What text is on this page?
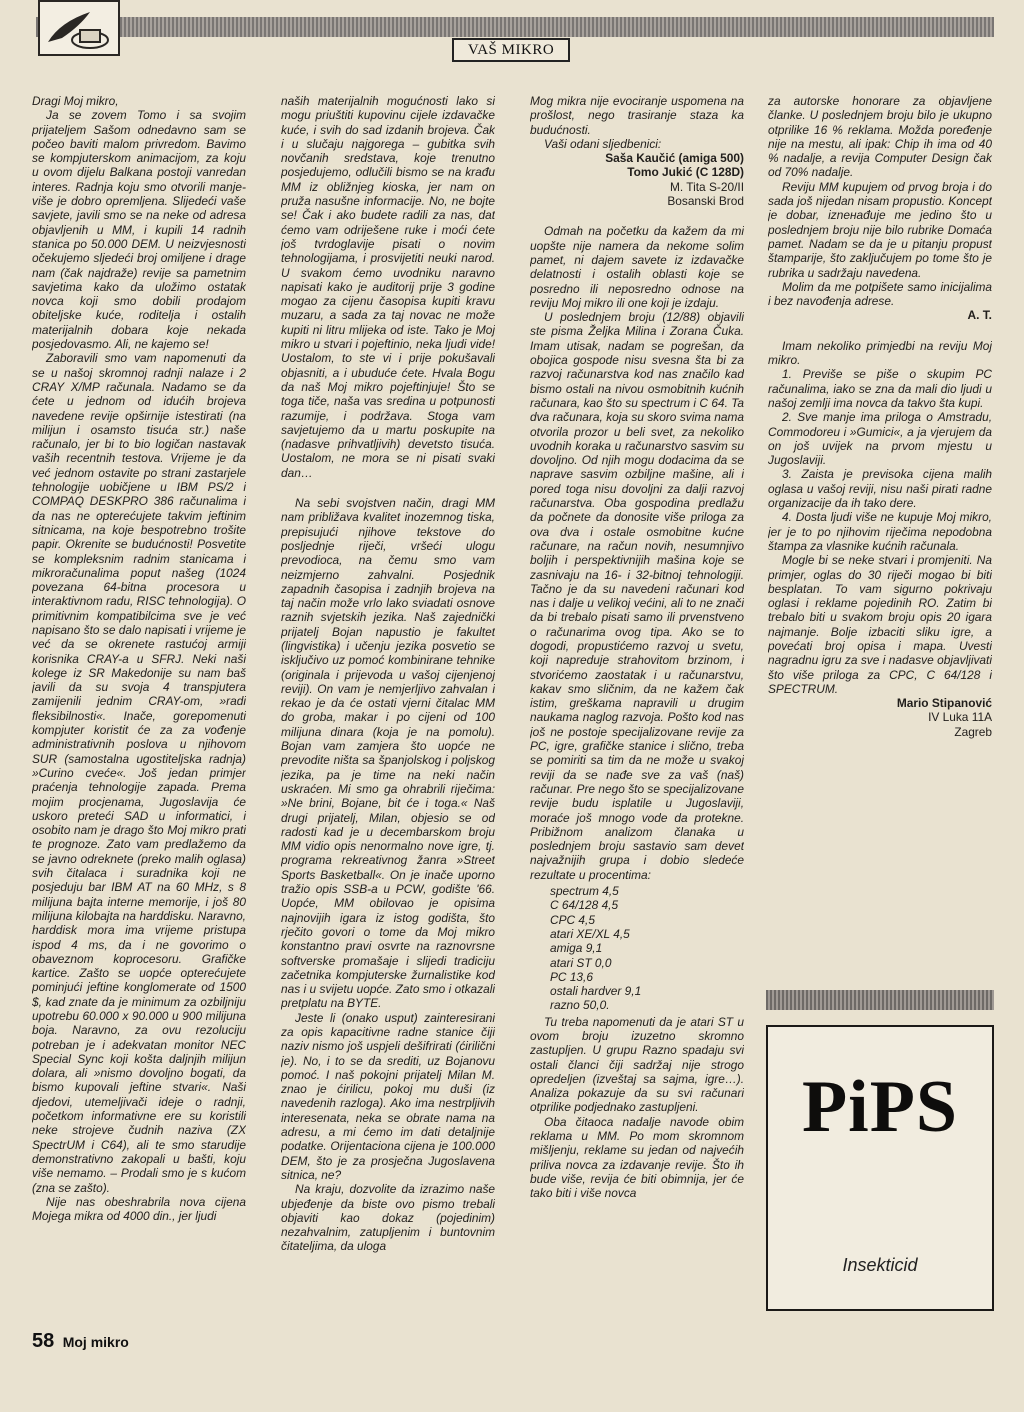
VAŠ MIKRO

Dragi Moj mikro,

Ja se zovem Tomo i sa svojim prijateljem Sašom odnedavno sam se počeo baviti malom privredom. Bavimo se kompjuterskom animacijom, za koju u ovom dijelu Balkana postoji vanredan interes. Radnja koju smo otvorili manje-više je dobro opremljena. Slijedeći vaše savjete, javili smo se na neke od adresa objavljenih u MM, i kupili 14 radnih stanica po 50.000 DEM. U neizvjesnosti očekujemo sljedeći broj omiljene i drage nam (čak najdraže) revije sa pametnim savjetima kako da uložimo ostatak novca koji smo dobili prodajom obiteljske kuće, roditelja i ostalih materijalnih dobara koje nekada posjedovasmo. Ali, ne kajemo se!

Zaboravili smo vam napomenuti da se u našoj skromnoj radnji nalaze i 2 CRAY X/MP računala. Nadamo se da ćete u jednom od idućih brojeva navedene revije opširnije istestirati (na milijun i osamsto tisuća str.) naše računalo, jer bi to bio logičan nastavak vaših recentnih testova. Vrijeme je da već jednom ostavite po strani zastarjele tehnologije uobičjene u IBM PS/2 i COMPAQ DESKPRO 386 računalima i da nas ne opterećujete takvim jeftinim sitnicama, na koje bespotrebno trošite papir. Okrenite se budućnosti! Posvetite se kompleksnim radnim stanicama i mikroračunalima poput našeg (1024 povezana 64-bitna procesora u interaktivnom radu, RISC tehnologija). O primitivnim kompatibilcima sve je već napisano što se dalo napisati i vrijeme je već da se okrenete rastućoj armiji korisnika CRAY-a u SFRJ. Neki naši kolege iz SR Makedonije su nam baš javili da su svoja 4 transpjutera zamijenili jednim CRAY-om, »radi fleksibilnosti«. Inače, gorepomenuti kompjuter koristit će za za vođenje administrativnih poslova u njihovom SUR (samostalna ugostiteljska radnja) »Curino cveće«. Još jedan primjer praćenja tehnologije zapada. Prema mojim procjenama, Jugoslavija će uskoro preteći SAD u informatici, i osobito nam je drago što Moj mikro prati te prognoze. Zato vam predlažemo da se javno odreknete (preko malih oglasa) svih čitalaca i suradnika koji ne posjeduju bar IBM AT na 60 MHz, s 8 milijuna bajta interne memorije, i još 80 milijuna kilobajta na harddisku. Naravno, harddisk mora ima vrijeme pristupa ispod 4 ms, da i ne govorimo o obaveznom koprocesoru. Grafičke kartice. Zašto se uopće opterećujete pominjući jeftine konglomerate od 1500 $, kad znate da je minimum za ozbiljniju upotrebu 60.000 x 90.000 u 900 milijuna boja. Naravno, za ovu rezoluciju potreban je i adekvatan monitor NEC Special Sync koji košta daljnjih milijun dolara, ali »nismo dovoljno bogati, da bismo kupovali jeftine stvari«. Naši djedovi, utemeljivači ideje o radnji, početkom informativne ere su koristili neke strojeve čudnih naziva (ZX SpectrUM i C64), ali te smo starudije demonstrativno zakopali u bašti, koju više nemamo. – Prodali smo je s kućom (zna se zašto).

Nije nas obeshrabrila nova cijena Mojega mikra od 4000 din., jer ljudi

naših materijalnih mogućnosti lako si mogu priuštiti kupovinu cijele izdavačke kuće, i svih do sad izdanih brojeva. Čak i u slučaju najgorega – gubitka svih novčanih sredstava, koje trenutno posjedujemo, odlučili bismo se na krađu MM iz obližnjeg kioska, jer nam on pruža nasušne informacije. No, ne bojte se! Čak i ako budete radili za nas, dat ćemo vam odriješene ruke i moći ćete još tvrdoglavije pisati o novim tehnologijama, i prosvijetiti neuki narod. U svakom ćemo uvodniku naravno napisati kako je auditorij prije 3 godine mogao za cijenu časopisa kupiti kravu muzaru, a sada za taj novac ne može kupiti ni litru mlijeka od iste. Tako je Moj mikro u stvari i pojeftinio, neka ljudi vide! Uostalom, to ste vi i prije pokušavali objasniti, a i ubuduće ćete. Hvala Bogu da naš Moj mikro pojeftinjuje! Što se toga tiče, naša vas sredina u potpunosti razumije, i podržava. Stoga vam savjetujemo da u martu poskupite na (nadasve prihvatljivih) devetsto tisuća. Uostalom, ne mora se ni pisati svaki dan…

Na sebi svojstven način, dragi MM nam približava kvalitet inozemnog tiska, prepisujući njihove tekstove do posljednje riječi, vršeći ulogu prevodioca, na čemu smo vam neizmjerno zahvalni. Posjednik zapadnih časopisa i zadnjih brojeva na taj način može vrlo lako sviadati osnove raznih svjetskih jezika. Naš zajednički prijatelj Bojan napustio je fakultet (lingvistika) i učenju jezika posvetio se isključivo uz pomoć kombinirane tehnike (originala i prijevoda u vašoj cijenjenoj reviji). On vam je nemjerljivo zahvalan i rekao je da će ostati vjerni čitalac MM do groba, makar i po cijeni od 100 milijuna dinara (koja je na pomolu). Bojan vam zamjera što uopće ne prevodite ništa sa španjolskog i poljskog jezika, pa je time na neki način uskraćen. Mi smo ga ohrabrili riječima: »Ne brini, Bojane, bit će i toga.« Naš drugi prijatelj, Milan, objesio se od radosti kad je u decembarskom broju MM vidio opis nenormalno nove igre, tj. programa rekreativnog žanra »Street Sports Basketball«. On je inače uporno tražio opis SSB-a u PCW, godište '66. Uopće, MM obilovao je opisima najnovijih igara iz istog godišta, što rječito govori o tome da Moj mikro konstantno pravi osvrte na raznovrsne softverske promašaje i slijedi tradiciju začetnika kompjuterske žurnalistike kod nas i u svijetu uopće. Zato smo i otkazali pretplatu na BYTE.

Jeste li (onako usput) zainteresirani za opis kapacitivne radne stanice čiji naziv nismo još uspjeli dešifrirati (ćirilični je). No, i to se da srediti, uz Bojanovu pomoć. I naš pokojni prijatelj Milan M. znao je ćirilicu, pokoj mu duši (iz navedenih razloga). Ako ima nestrpljivih interesenata, neka se obrate nama na adresu, a mi ćemo im dati detaljnije podatke. Orijentaciona cijena je 100.000 DEM, što je za prosječna Jugoslavena sitnica, ne?

Na kraju, dozvolite da izrazimo naše ubjeđenje da biste ovo pismo trebali objaviti kao dokaz (pojedinim) nezahvalnim, zatupljenim i buntovnim čitateljima, da uloga

Mog mikra nije evociranje uspomena na prošlost, nego trasiranje staza ka budućnosti.

Vaši odani sljedbenici:

Saša Kaučić (amiga 500)

Tomo Jukić (C 128D)

M. Tita S-20/II

Bosanski Brod

Odmah na početku da kažem da mi uopšte nije namera da nekome solim pamet, ni dajem savete iz izdavačke delatnosti i ostalih oblasti koje se posredno ili neposredno odnose na reviju Moj mikro ili one koji je izdaju.

U poslednjem broju (12/88) objavili ste pisma Željka Milina i Zorana Čuka. Imam utisak, nadam se pogrešan, da obojica gospode nisu svesna šta bi za razvoj računarstva kod nas značilo kad bismo ostali na nivou osmobitnih kućnih računara, kao što su spectrum i C 64. Ta dva računara, koja su skoro svima nama otvorila prozor u beli svet, za nekoliko uvodnih koraka u računarstvo sasvim su dovoljno. Od njih mogu dodacima da se naprave sasvim ozbiljne mašine, ali i pored toga nisu dovoljni za dalji razvoj računarstva. Oba gospodina predlažu da počnete da donosite više priloga za ova dva i ostale osmobitne kućne računare, na račun novih, nesumnjivo boljih i perspektivnijih mašina koje se zasnivaju na 16- i 32-bitnoj tehnologiji. Tačno je da su navedeni računari kod nas i dalje u velikoj većini, ali to ne znači da bi trebalo pisati samo ili prvenstveno o računarima ovog tipa. Ako se to dogodi, propustićemo razvoj u svetu, koji napreduje strahovitom brzinom, i stvorićemo zaostatak i u računarstvu, kakav smo sličnim, da ne kažem čak istim, greškama napravili u drugim naukama naglog razvoja. Pošto kod nas još ne postoje specijalizovane revije za PC, igre, grafičke stanice i slično, treba se pomiriti sa tim da ne može u svakoj reviji da se nađe sve za vaš (naš) računar. Pre nego što se specijalizovane revije budu isplatile u Jugoslaviji, moraće još mnogo vode da protekne. Pribižnom analizom članaka u poslednjem broju sastavio sam devet najvažnijih grupa i dobio sledeće rezultate u procentima:

spectrum 4,5
C 64/128 4,5
CPC 4,5
atari XE/XL 4,5
amiga 9,1
atari ST 0,0
PC 13,6
ostali hardver 9,1
razno 50,0.

Tu treba napomenuti da je atari ST u ovom broju izuzetno skromno zastupljen. U grupu Razno spadaju svi ostali članci čiji sadržaj nije strogo opredeljen (izveštaj sa sajma, igre…). Analiza pokazuje da su svi računari otprilike podjednako zastupljeni.

Oba čitaoca nadalje navode obim reklama u MM. Po mom skromnom mišljenju, reklame su jedan od najvećih priliva novca za izdavanje revije. Što ih bude više, revija će biti obimnija, jer će tako biti i više novca

za autorske honorare za objavljene članke. U poslednjem broju bilo je ukupno otprilike 16 % reklama. Možda poređenje nije na mestu, ali ipak: Chip ih ima od 40 % nadalje, a revija Computer Design čak od 70% nadalje.

Reviju MM kupujem od prvog broja i do sada još nijedan nisam propustio. Koncept je dobar, izneнađuje me jedino što u poslednjem broju nije bilo rubrike Domaća pamet. Nadam se da je u pitanju propust štamparije, što zaključujem po tome što je rubrika u sadržaju navedena.

Molim da me potpišete samo inicijalima i bez navođenja adrese.

A. T.

Imam nekoliko primjedbi na reviju Moj mikro.

1. Previše se piše o skupim PC računalima, iako se zna da mali dio ljudi u našoj zemlji ima novca da takvo šta kupi.

2. Sve manje ima priloga o Amstradu, Commodoreu i »Gumici«, a ja vjerujem da on još uvijek na prvom mjestu u Jugoslaviji.

3. Zaista je previsoka cijena malih oglasa u vašoj reviji, nisu naši pirati radne organizacije da ih tako dere.

4. Dosta ljudi više ne kupuje Moj mikro, jer je to po njihovim riječima nepodobna štampa za vlasnike kućnih računala.

Mogle bi se neke stvari i promjeniti. Na primjer, oglas do 30 riječi mogao bi biti besplatan. To vam sigurno pokrivaju oglasi i reklame pojedinih RO. Zatim bi trebalo biti u svakom broju opis 20 igara najmanje. Bolje izbaciti sliku igre, a povećati broj opisa i mapa. Uvesti nagradnu igru za sve i nadasve objavljivati što više priloga za CPC, C 64/128 i SPECTRUM.

Mario Stipanović

IV Luka 11A

Zagreb

PiPS
Insekticid
58 Moj mikro
